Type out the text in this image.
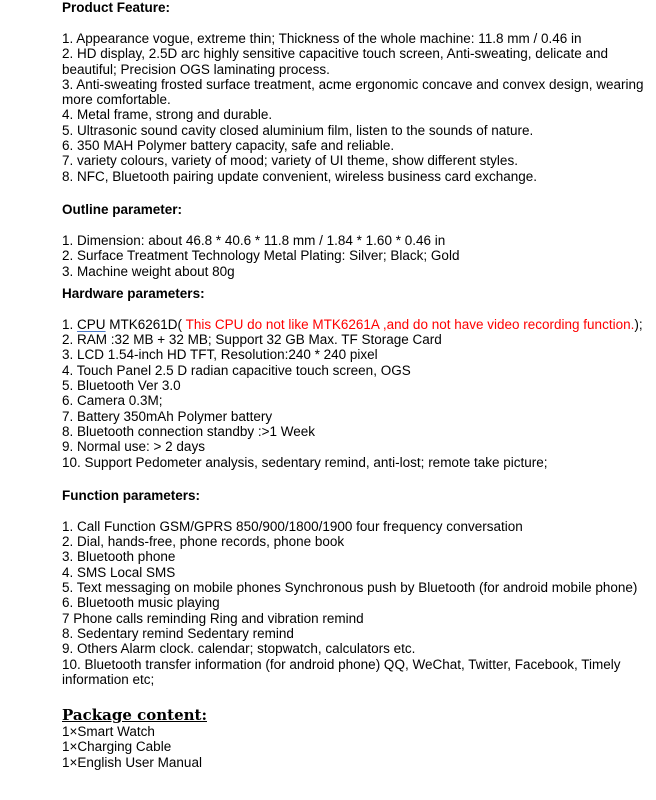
Product Feature:

1. Appearance vogue, extreme thin; Thickness of the whole machine: 11.8 mm / 0.46 in

2. HD display, 2.5D arc highly sensitive capacitive touch screen, Anti-sweating, delicate and beautiful; Precision OGS laminating process.

3. Anti-sweating frosted surface treatment, acme ergonomic concave and convex design, wearing more comfortable.

4. Metal frame, strong and durable.

5. Ultrasonic sound cavity closed aluminium film, listen to the sounds of nature.

6. 350 MAH Polymer battery capacity, safe and reliable.

7. variety colours, variety of mood; variety of UI theme, show different styles.

8. NFC, Bluetooth pairing update convenient, wireless business card exchange.

Outline parameter:

1. Dimension: about 46.8 * 40.6 * 11.8 mm / 1.84 * 1.60 * 0.46 in

2. Surface Treatment Technology Metal Plating: Silver; Black; Gold

3. Machine weight about 80g

Hardware parameters:

1. CPU MTK6261D( This CPU do not like MTK6261A ,and do not have video recording function.);

2. RAM :32 MB + 32 MB; Support 32 GB Max. TF Storage Card

3. LCD 1.54-inch HD TFT, Resolution:240 * 240 pixel

4. Touch Panel 2.5 D radian capacitive touch screen, OGS

5. Bluetooth Ver 3.0

6. Camera 0.3M;

7. Battery 350mAh Polymer battery

8. Bluetooth connection standby :>1 Week

9. Normal use: > 2 days

10. Support Pedometer analysis, sedentary remind, anti-lost; remote take picture;

Function parameters:

1. Call Function GSM/GPRS 850/900/1800/1900 four frequency conversation

2. Dial, hands-free, phone records, phone book

3. Bluetooth phone

4. SMS Local SMS

5. Text messaging on mobile phones Synchronous push by Bluetooth (for android mobile phone)

6. Bluetooth music playing

7 Phone calls reminding Ring and vibration remind

8. Sedentary remind Sedentary remind

9. Others Alarm clock. calendar; stopwatch, calculators etc.

10. Bluetooth transfer information (for android phone) QQ, WeChat, Twitter, Facebook, Timely information etc;

Package content:

1×Smart Watch

1×Charging Cable

1×English User Manual
